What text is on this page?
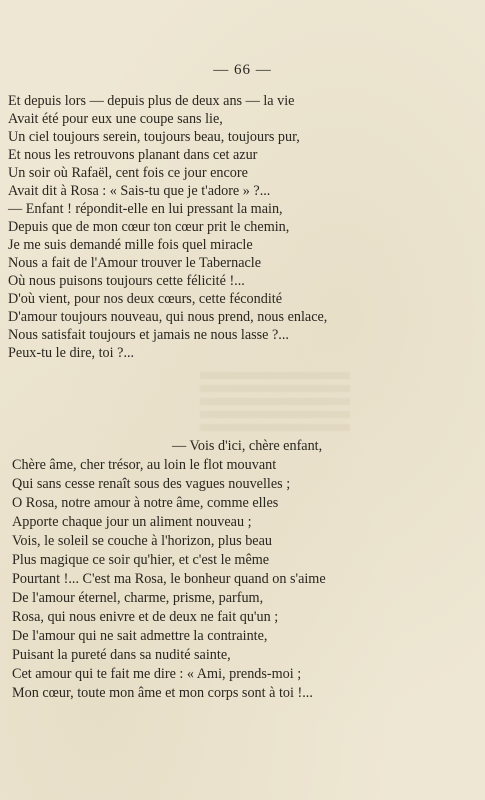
— 66 —
Et depuis lors — depuis plus de deux ans — la vie
Avait été pour eux une coupe sans lie,
Un ciel toujours serein, toujours beau, toujours pur,
Et nous les retrouvons planant dans cet azur
Un soir où Rafaël, cent fois ce jour encore
Avait dit à Rosa : « Sais-tu que je t'adore » ?...
— Enfant ! répondit-elle en lui pressant la main,
Depuis que de mon cœur ton cœur prit le chemin,
Je me suis demandé mille fois quel miracle
Nous a fait de l'Amour trouver le Tabernacle
Où nous puisons toujours cette félicité !...
D'où vient, pour nos deux cœurs, cette fécondité
D'amour toujours nouveau, qui nous prend, nous enlace,
Nous satisfait toujours et jamais ne nous lasse ?...
Peux-tu le dire, toi ?...
— Vois d'ici, chère enfant,
Chère âme, cher trésor, au loin le flot mouvant
Qui sans cesse renaît sous des vagues nouvelles ;
O Rosa, notre amour à notre âme, comme elles
Apporte chaque jour un aliment nouveau ;
Vois, le soleil se couche à l'horizon, plus beau
Plus magique ce soir qu'hier, et c'est le même
Pourtant !... C'est ma Rosa, le bonheur quand on s'aime
De l'amour éternel, charme, prisme, parfum,
Rosa, qui nous enivre et de deux ne fait qu'un ;
De l'amour qui ne sait admettre la contrainte,
Puisant la pureté dans sa nudité sainte,
Cet amour qui te fait me dire : « Ami, prends-moi ;
Mon cœur, toute mon âme et mon corps sont à toi !...
